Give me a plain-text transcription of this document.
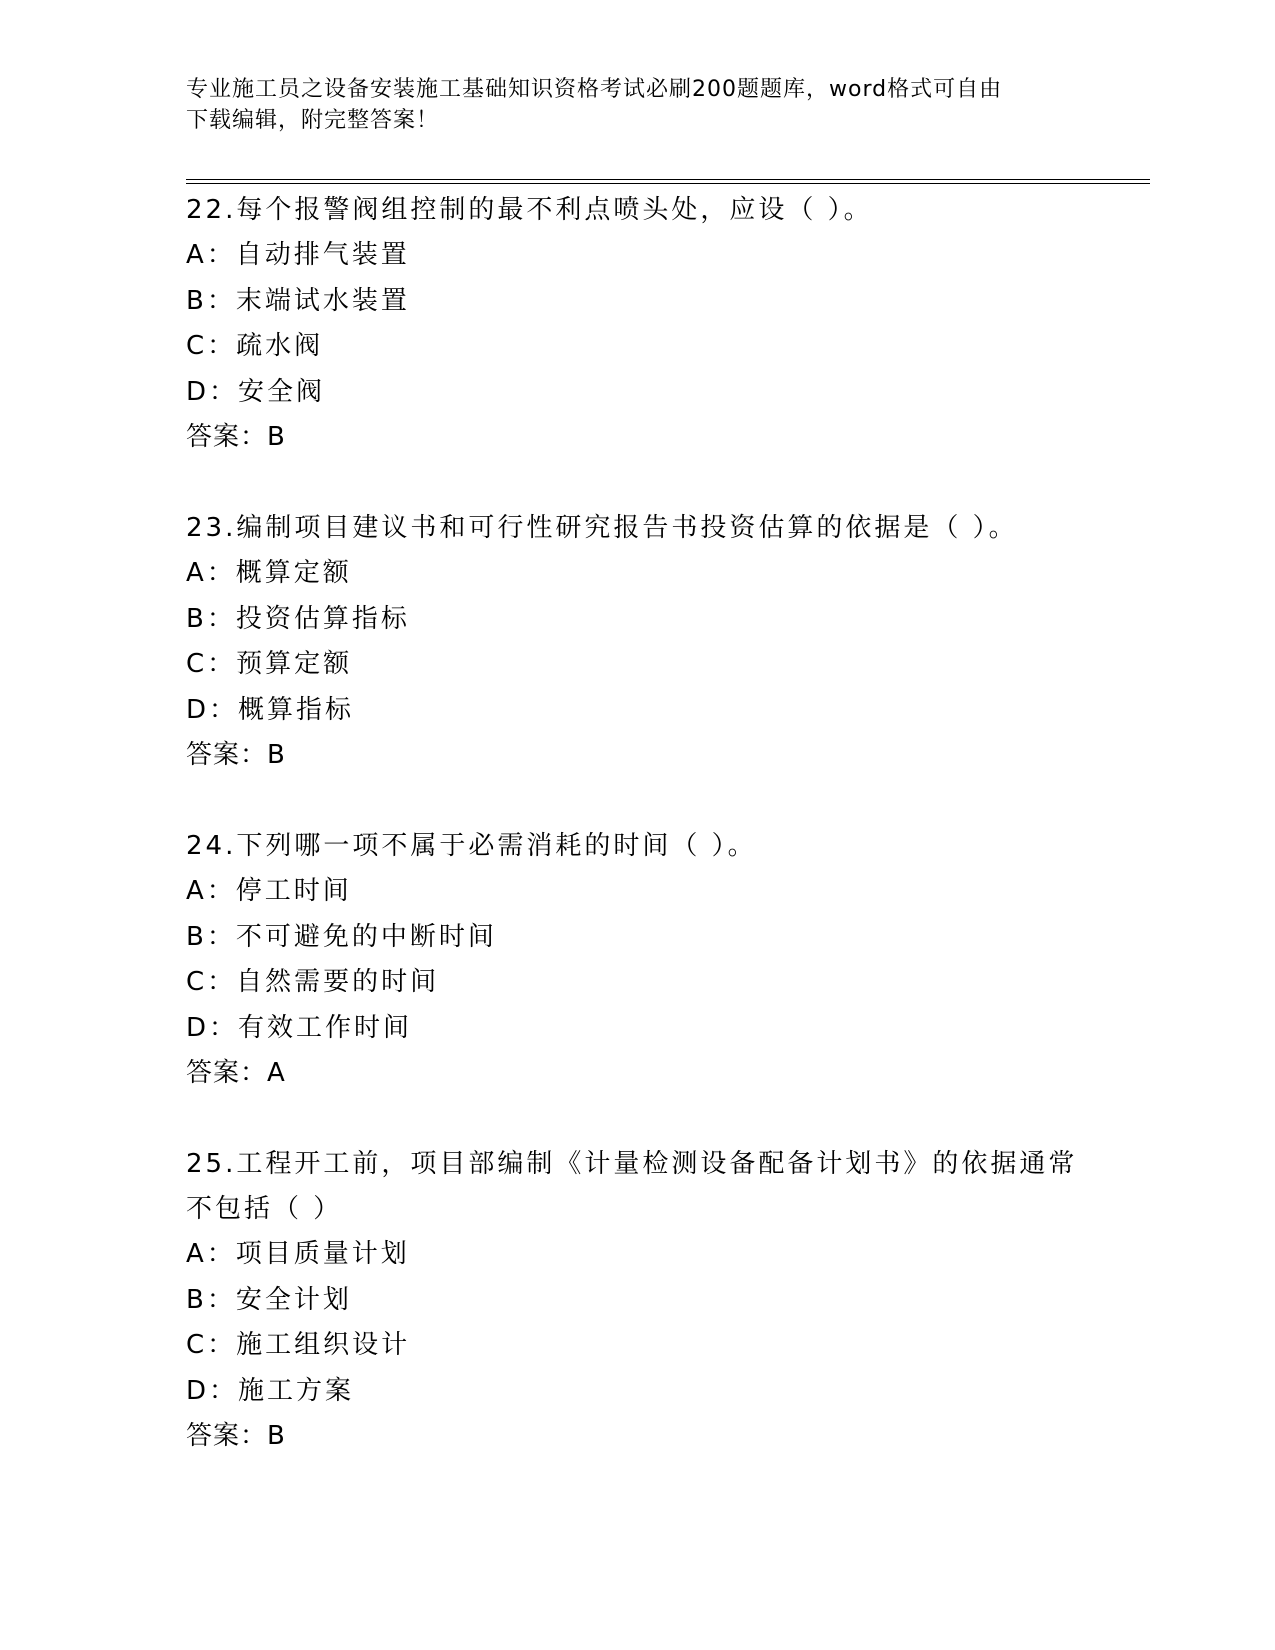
专业施工员之设备安装施工基础知识资格考试必刷200题题库，word格式可自由
下载编辑，附完整答案！
22.每个报警阀组控制的最不利点喷头处，应设（ ）。
A：自动排气装置
B：末端试水装置
C：疏水阀
D：安全阀
答案：B
23.编制项目建议书和可行性研究报告书投资估算的依据是（ ）。
A：概算定额
B：投资估算指标
C：预算定额
D：概算指标
答案：B
24.下列哪一项不属于必需消耗的时间（ ）。
A：停工时间
B：不可避免的中断时间
C：自然需要的时间
D：有效工作时间
答案：A
25.工程开工前，项目部编制《计量检测设备配备计划书》的依据通常
不包括（ ）
A：项目质量计划
B：安全计划
C：施工组织设计
D：施工方案
答案：B
